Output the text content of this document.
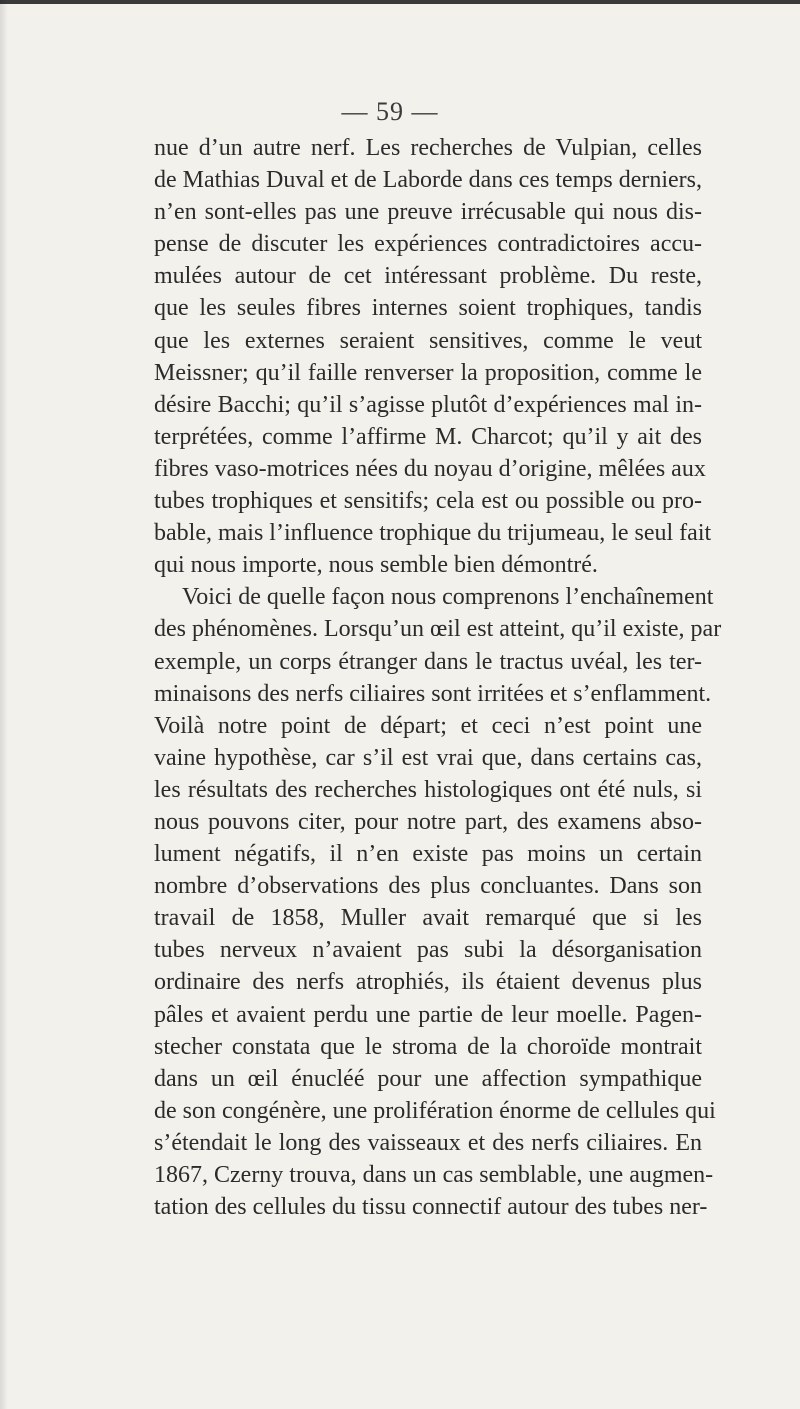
— 59 —
nue d’un autre nerf. Les recherches de Vulpian, celles
de Mathias Duval et de Laborde dans ces temps derniers,
n’en sont-elles pas une preuve irrécusable qui nous dis-
pense de discuter les expériences contradictoires accu-
mulées autour de cet intéressant problème. Du reste,
que les seules fibres internes soient trophiques, tandis
que les externes seraient sensitives, comme le veut
Meissner; qu’il faille renverser la proposition, comme le
désire Bacchi; qu’il s’agisse plutôt d’expériences mal in-
terprétées, comme l’affirme M. Charcot; qu’il y ait des
fibres vaso-motrices nées du noyau d’origine, mêlées aux
tubes trophiques et sensitifs; cela est ou possible ou pro-
bable, mais l’influence trophique du trijumeau, le seul fait
qui nous importe, nous semble bien démontré.
Voici de quelle façon nous comprenons l’enchaînement
des phénomènes. Lorsqu’un œil est atteint, qu’il existe, par
exemple, un corps étranger dans le tractus uvéal, les ter-
minaisons des nerfs ciliaires sont irritées et s’enflamment.
Voilà notre point de départ; et ceci n’est point une
vaine hypothèse, car s’il est vrai que, dans certains cas,
les résultats des recherches histologiques ont été nuls, si
nous pouvons citer, pour notre part, des examens abso-
lument négatifs, il n’en existe pas moins un certain
nombre d’observations des plus concluantes. Dans son
travail de 1858, Muller avait remarqué que si les
tubes nerveux n’avaient pas subi la désorganisation
ordinaire des nerfs atrophiés, ils étaient devenus plus
pâles et avaient perdu une partie de leur moelle. Pagen-
stecher constata que le stroma de la choroïde montrait
dans un œil énucléé pour une affection sympathique
de son congénère, une prolifération énorme de cellules qui
s’étendait le long des vaisseaux et des nerfs ciliaires. En
1867, Czerny trouva, dans un cas semblable, une augmen-
tation des cellules du tissu connectif autour des tubes ner-
